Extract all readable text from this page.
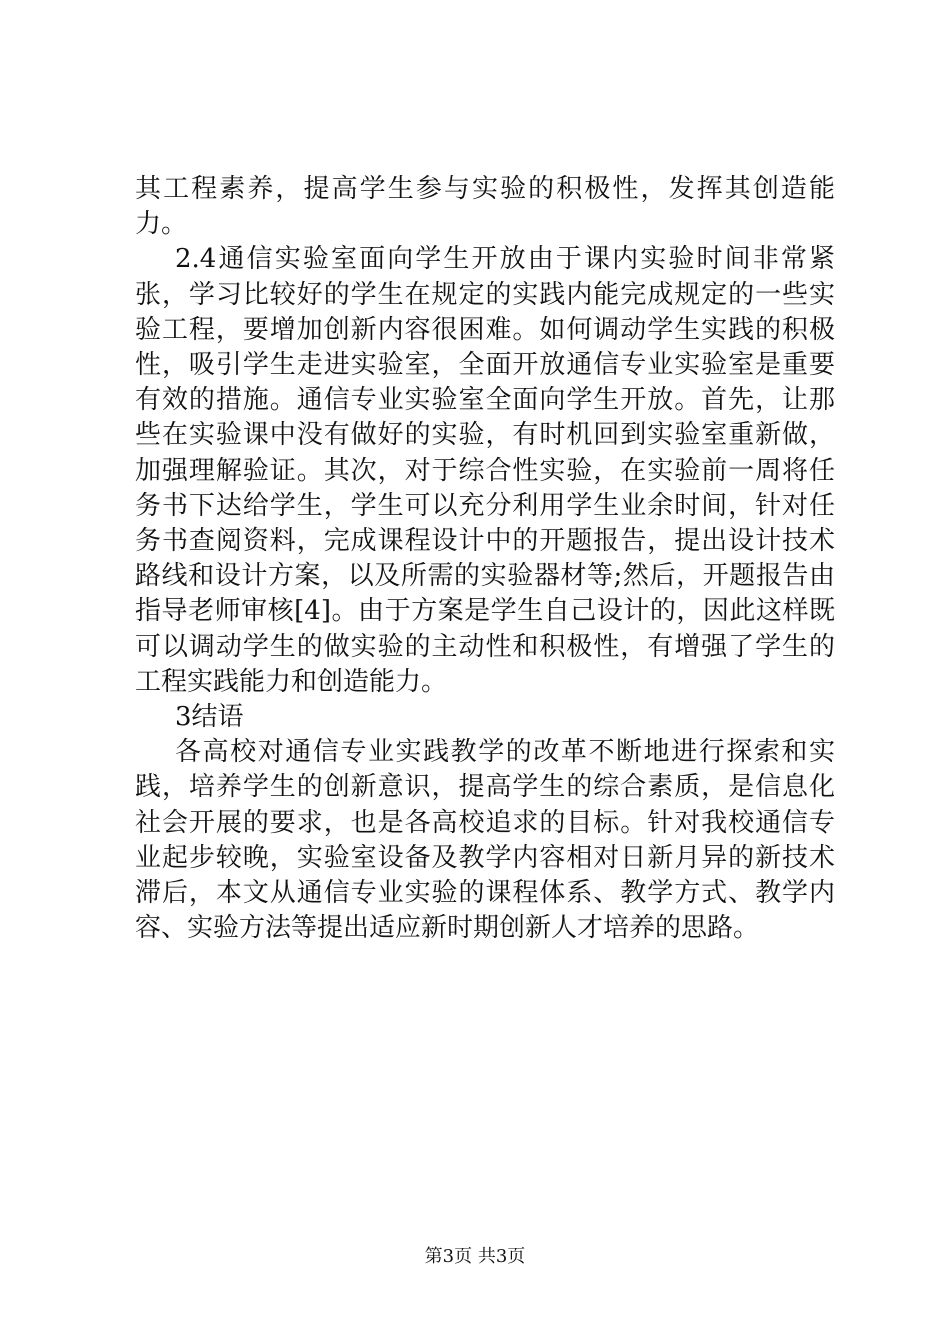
其工程素养，提高学生参与实验的积极性，发挥其创造能力。

2.4通信实验室面向学生开放由于课内实验时间非常紧张，学习比较好的学生在规定的实践内能完成规定的一些实验工程，要增加创新内容很困难。如何调动学生实践的积极性，吸引学生走进实验室，全面开放通信专业实验室是重要有效的措施。通信专业实验室全面向学生开放。首先，让那些在实验课中没有做好的实验，有时机回到实验室重新做，加强理解验证。其次，对于综合性实验，在实验前一周将任务书下达给学生，学生可以充分利用学生业余时间，针对任务书查阅资料，完成课程设计中的开题报告，提出设计技术路线和设计方案，以及所需的实验器材等;然后，开题报告由指导老师审核[4]。由于方案是学生自己设计的，因此这样既可以调动学生的做实验的主动性和积极性，有增强了学生的工程实践能力和创造能力。

3结语

各高校对通信专业实践教学的改革不断地进行探索和实践，培养学生的创新意识，提高学生的综合素质，是信息化社会开展的要求，也是各高校追求的目标。针对我校通信专业起步较晚，实验室设备及教学内容相对日新月异的新技术滞后，本文从通信专业实验的课程体系、教学方式、教学内容、实验方法等提出适应新时期创新人才培养的思路。

第3页 共3页
